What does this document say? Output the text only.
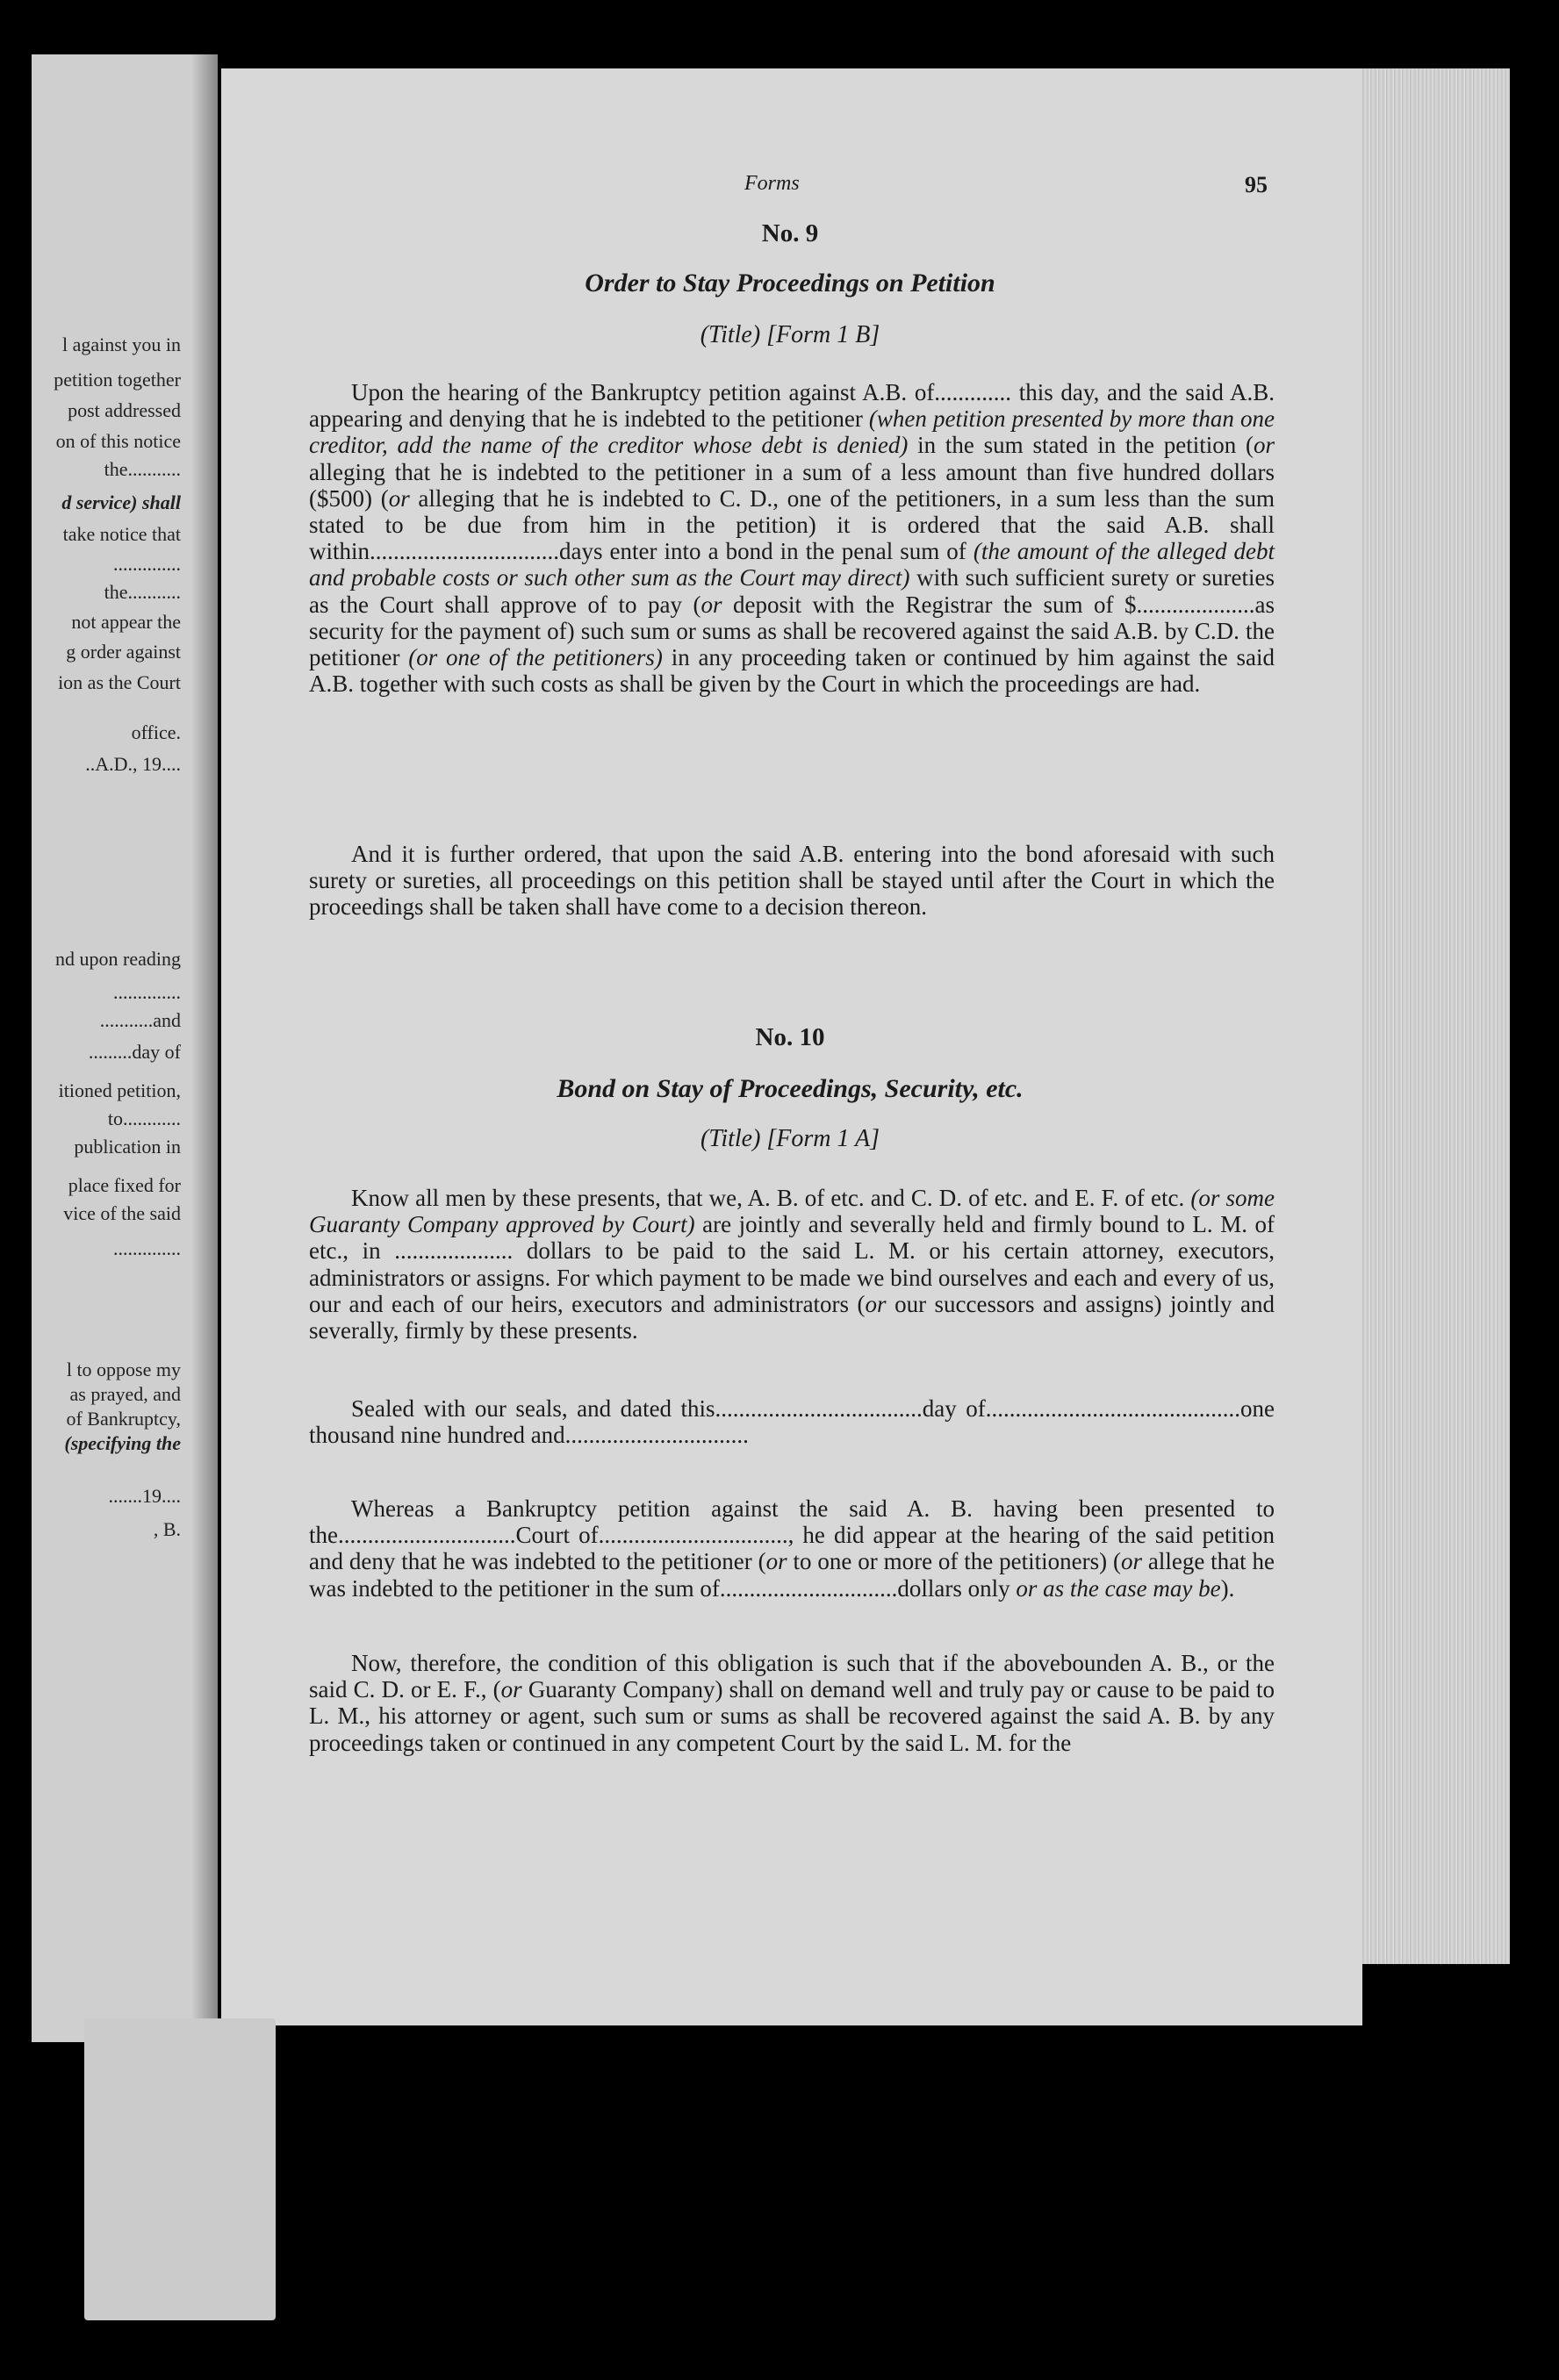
l against you in
petition together
post addressed
on of this notice
the...........
d service) shall
take notice that
..............
the...........
not appear the
g order against
ion as the Court
office.
..A.D., 19....
nd upon reading
..............
...........and
.........day of
itioned petition,
to............
publication in
place fixed for
vice of the said
..............
l to oppose my
as prayed, and
of Bankruptcy,
(specifying the
.......19....
, B.
Forms	95
No. 9
Order to Stay Proceedings on Petition
(Title) [Form 1 B]

Upon the hearing of the Bankruptcy petition against A.B. of............. this day, and the said A.B. appearing and denying that he is indebted to the petitioner (when petition presented by more than one creditor, add the name of the creditor whose debt is denied) in the sum stated in the petition (or alleging that he is indebted to the petitioner in a sum of a less amount than five hundred dollars ($500) (or alleging that he is indebted to C. D., one of the petitioners, in a sum less than the sum stated to be due from him in the petition) it is ordered that the said A.B. shall within................................days enter into a bond in the penal sum of (the amount of the alleged debt and probable costs or such other sum as the Court may direct) with such sufficient surety or sureties as the Court shall approve of to pay (or deposit with the Registrar the sum of $....................as security for the payment of) such sum or sums as shall be recovered against the said A.B. by C.D. the petitioner (or one of the petitioners) in any proceeding taken or continued by him against the said A.B. together with such costs as shall be given by the Court in which the proceedings are had.

And it is further ordered, that upon the said A.B. entering into the bond aforesaid with such surety or sureties, all proceedings on this petition shall be stayed until after the Court in which the proceedings shall be taken shall have come to a decision thereon.

No. 10
Bond on Stay of Proceedings, Security, etc.
(Title) [Form 1 A]

Know all men by these presents, that we, A. B. of etc. and C. D. of etc. and E. F. of etc. (or some Guaranty Company approved by Court) are jointly and severally held and firmly bound to L. M. of etc., in .................... dollars to be paid to the said L. M. or his certain attorney, executors, administrators or assigns. For which payment to be made we bind ourselves and each and every of us, our and each of our heirs, executors and administrators (or our successors and assigns) jointly and severally, firmly by these presents.

Sealed with our seals, and dated this...................................day of...........................................one thousand nine hundred and...............................

Whereas a Bankruptcy petition against the said A. B. having been presented to the..............................Court of................................, he did appear at the hearing of the said petition and deny that he was indebted to the petitioner (or to one or more of the petitioners) (or allege that he was indebted to the petitioner in the sum of..............................dollars only or as the case may be).

Now, therefore, the condition of this obligation is such that if the abovebounden A. B., or the said C. D. or E. F., (or Guaranty Company) shall on demand well and truly pay or cause to be paid to L. M., his attorney or agent, such sum or sums as shall be recovered against the said A. B. by any proceedings taken or continued in any competent Court by the said L. M. for the
